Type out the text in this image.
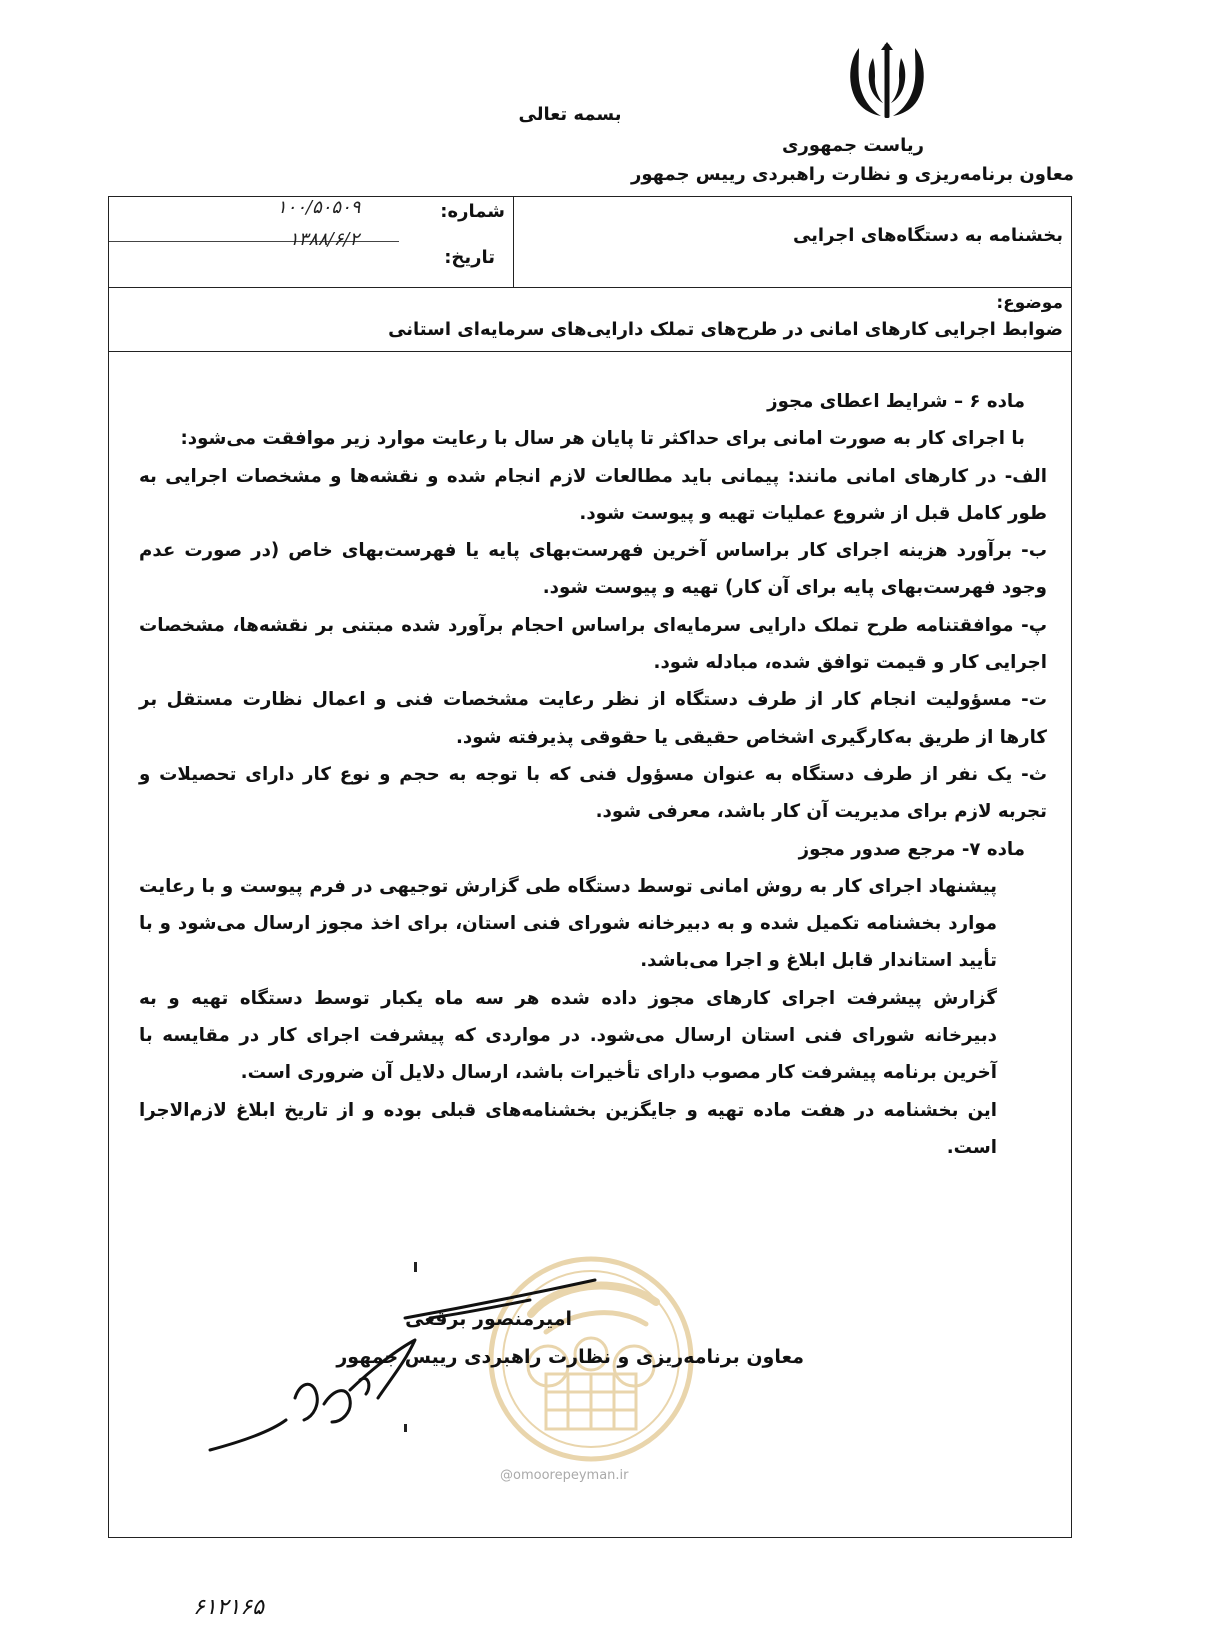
بسمه تعالی
ریاست جمهوری
معاون برنامه‌ریزی و نظارت راهبردی رییس جمهور
شماره:
۱۰۰/۵۰۵۰۹
تاریخ:
۱۳۸۸/۶/۲	بخشنامه به دستگاه‌های اجرایی
موضوع:
ضوابط اجرایی کارهای امانی در طرح‌های تملک دارایی‌های سرمایه‌ای استانی

ماده ۶ – شرایط اعطای مجوز

با اجرای کار به صورت امانی برای حداکثر تا پایان هر سال با رعایت موارد زیر موافقت می‌شود:

الف- در کارهای امانی مانند: پیمانی باید مطالعات لازم انجام شده و نقشه‌ها و مشخصات اجرایی به طور کامل قبل از شروع عملیات تهیه و پیوست شود.

ب- برآورد هزینه اجرای کار براساس آخرین فهرست‌بهای پایه یا فهرست‌بهای خاص (در صورت عدم وجود فهرست‌بهای پایه برای آن کار) تهیه و پیوست شود.

پ- موافقتنامه طرح تملک دارایی سرمایه‌ای براساس احجام برآورد شده مبتنی بر نقشه‌ها، مشخصات اجرایی کار و قیمت توافق شده، مبادله شود.

ت- مسؤولیت انجام کار از طرف دستگاه از نظر رعایت مشخصات فنی و اعمال نظارت مستقل بر کارها از طریق به‌کارگیری اشخاص حقیقی یا حقوقی پذیرفته شود.

ث- یک نفر از طرف دستگاه به عنوان مسؤول فنی که با توجه به حجم و نوع کار دارای تحصیلات و تجربه لازم برای مدیریت آن کار باشد، معرفی شود.

ماده ۷- مرجع صدور مجوز

پیشنهاد اجرای کار به روش امانی توسط دستگاه طی گزارش توجیهی در فرم پیوست و با رعایت موارد بخشنامه تکمیل شده و به دبیرخانه شورای فنی استان، برای اخذ مجوز ارسال می‌شود و با تأیید استاندار قابل ابلاغ و اجرا می‌باشد.

گزارش پیشرفت اجرای کارهای مجوز داده شده هر سه ماه یکبار توسط دستگاه تهیه و به دبیرخانه شورای فنی استان ارسال می‌شود. در مواردی که پیشرفت اجرای کار در مقایسه با آخرین برنامه پیشرفت کار مصوب دارای تأخیرات باشد، ارسال دلایل آن ضروری است.

این بخشنامه در هفت ماده تهیه و جایگزین بخشنامه‌های قبلی بوده و از تاریخ ابلاغ لازم‌الاجرا است.

امیرمنصور برقعی
معاون برنامه‌ریزی و نظارت راهبردی رییس جمهور
@omoorepeyman.ir
۶۱۲۱۶۵
